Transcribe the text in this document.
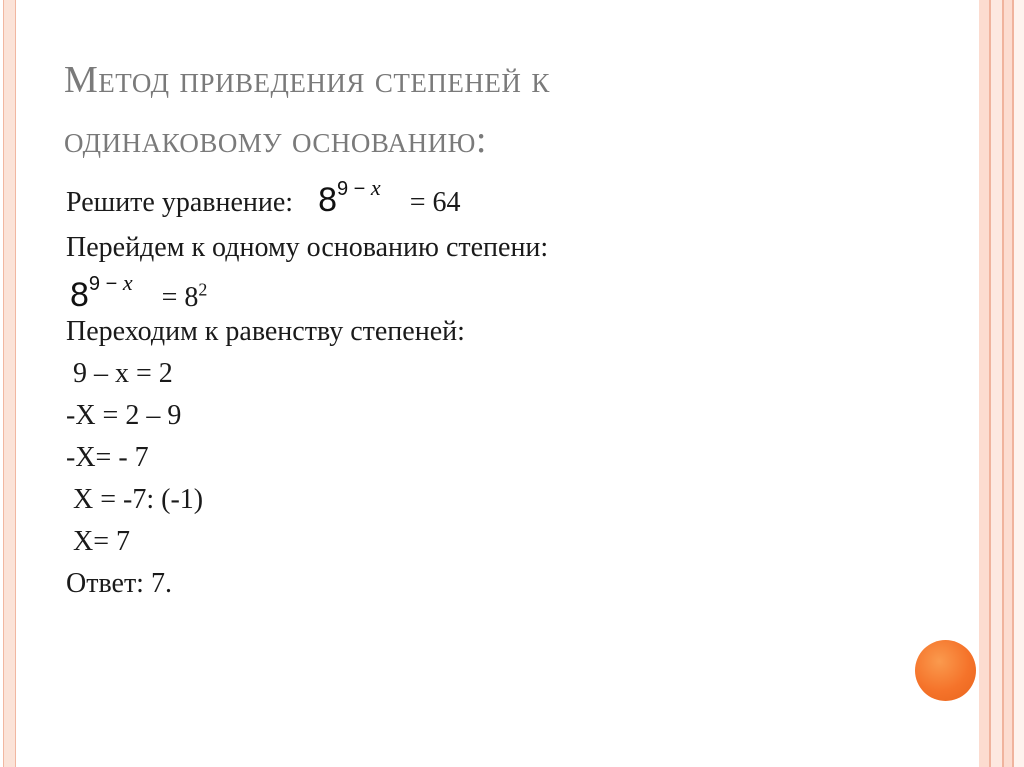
Метод приведения степеней к
одинаковому основанию:
Решите уравнение: $8^{9 - x} = 64$
Перейдем к одному основанию степени:
$8^{9 - x} = 8^2$
Переходим к равенству степеней:
9 – х = 2
-Х = 2 – 9
-Х= - 7
Х = -7: (-1)
Х= 7
Ответ: 7.
